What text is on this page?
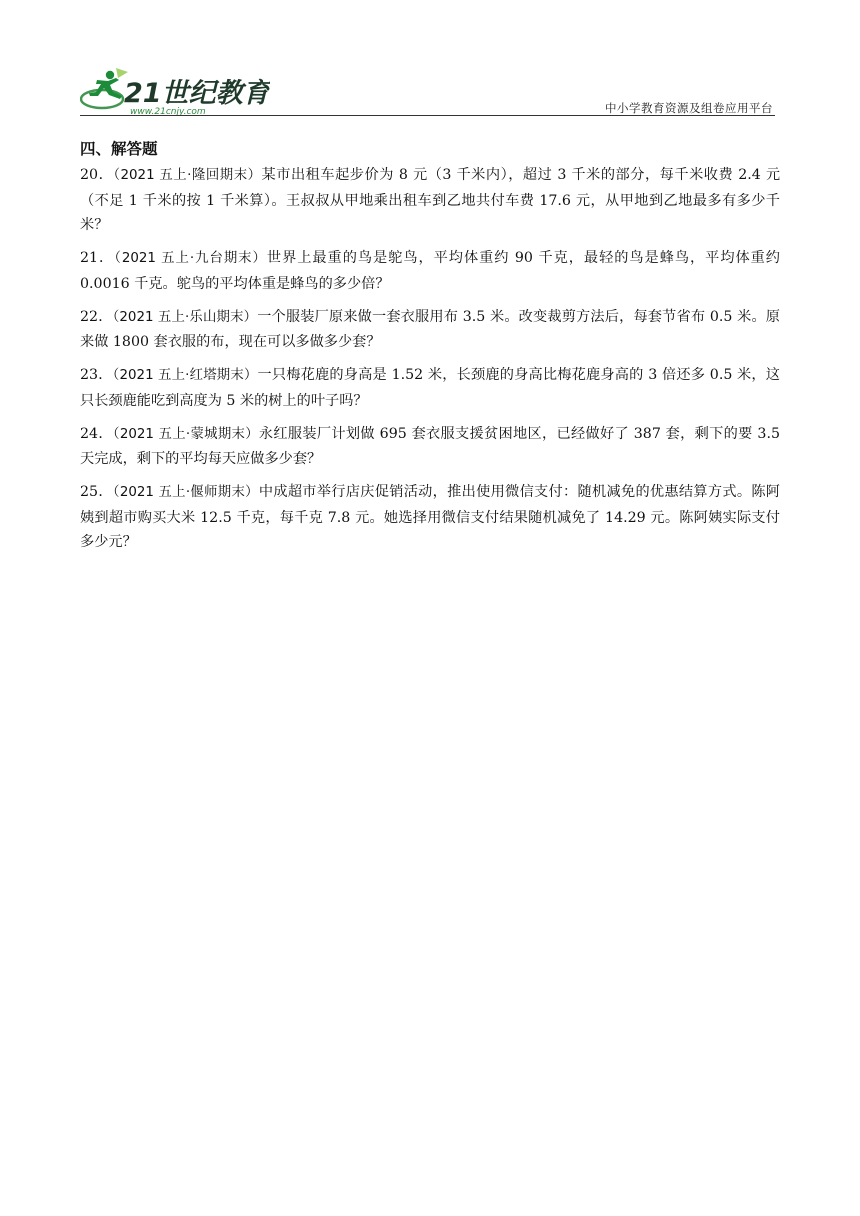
21世纪教育
www.21cnjy.com	中小学教育资源及组卷应用平台
四、解答题

20．（2021 五上·隆回期末）某市出租车起步价为 8 元（3 千米内），超过 3 千米的部分，每千米收费 2.4 元（不足 1 千米的按 1 千米算）。王叔叔从甲地乘出租车到乙地共付车费 17.6 元，从甲地到乙地最多有多少千米？

21．（2021 五上·九台期末）世界上最重的鸟是鸵鸟，平均体重约 90 千克，最轻的鸟是蜂鸟，平均体重约 0.0016 千克。鸵鸟的平均体重是蜂鸟的多少倍？

22．（2021 五上·乐山期末）一个服装厂原来做一套衣服用布 3.5 米。改变裁剪方法后，每套节省布 0.5 米。原来做 1800 套衣服的布，现在可以多做多少套？

23．（2021 五上·红塔期末）一只梅花鹿的身高是 1.52 米，长颈鹿的身高比梅花鹿身高的 3 倍还多 0.5 米，这只长颈鹿能吃到高度为 5 米的树上的叶子吗？

24．（2021 五上·蒙城期末）永红服装厂计划做 695 套衣服支援贫困地区，已经做好了 387 套，剩下的要 3.5 天完成，剩下的平均每天应做多少套？

25．（2021 五上·偃师期末）中成超市举行店庆促销活动，推出使用微信支付：随机减免的优惠结算方式。陈阿姨到超市购买大米 12.5 千克，每千克 7.8 元。她选择用微信支付结果随机减免了 14.29 元。陈阿姨实际支付多少元？
